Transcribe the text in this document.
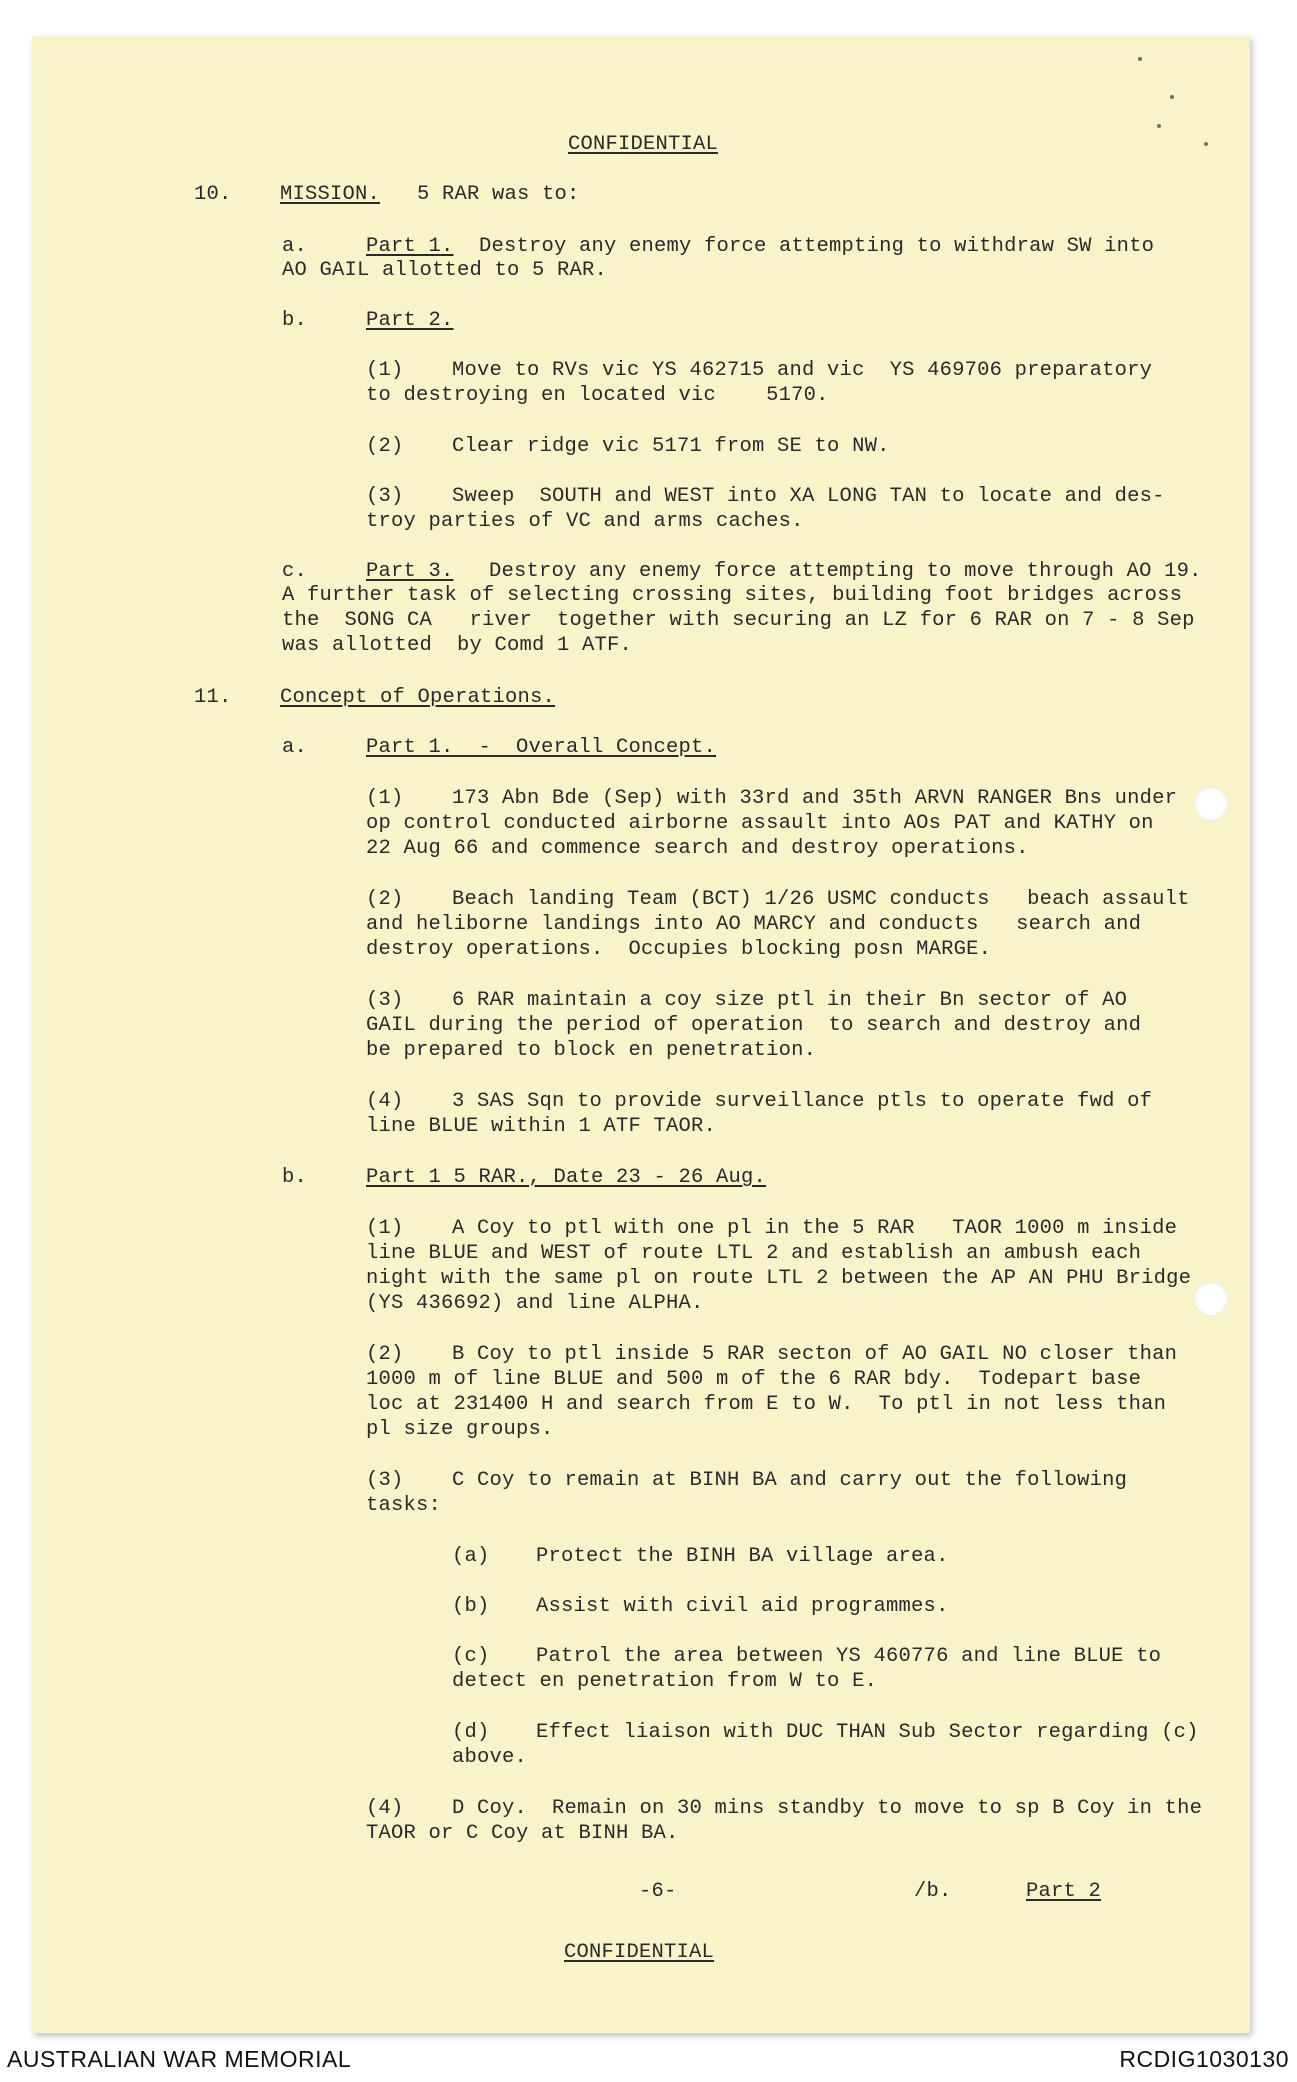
CONFIDENTIAL
10. MISSION. 5 RAR was to:
a.	Part 1. Destroy any enemy force attempting to withdraw SW into
AO GAIL allotted to 5 RAR.
b.	Part 2.
(1) Move to RVs vic YS 462715 and vic  YS 469706 preparatory
to destroying en located vic    5170.
(2) Clear ridge vic 5171 from SE to NW.
(3) Sweep  SOUTH and WEST into XA LONG TAN to locate and des-
troy parties of VC and arms caches.
c.	Part 3. Destroy any enemy force attempting to move through AO 19.
A further task of selecting crossing sites, building foot bridges across
the  SONG CA   river  together with securing an LZ for 6 RAR on 7 - 8 Sep
was allotted  by Comd 1 ATF.
11. Concept of Operations.
a.	Part 1.  -  Overall Concept.
(1) 173 Abn Bde (Sep) with 33rd and 35th ARVN RANGER Bns under
op control conducted airborne assault into AOs PAT and KATHY on
22 Aug 66 and commence search and destroy operations.
(2) Beach landing Team (BCT) 1/26 USMC conducts   beach assault
and heliborne landings into AO MARCY and conducts   search and
destroy operations.  Occupies blocking posn MARGE.
(3) 6 RAR maintain a coy size ptl in their Bn sector of AO
GAIL during the period of operation  to search and destroy and
be prepared to block en penetration.
(4) 3 SAS Sqn to provide surveillance ptls to operate fwd of
line BLUE within 1 ATF TAOR.
b.	Part 1 5 RAR., Date 23 - 26 Aug.
(1) A Coy to ptl with one pl in the 5 RAR   TAOR 1000 m inside
line BLUE and WEST of route LTL 2 and establish an ambush each
night with the same pl on route LTL 2 between the AP AN PHU Bridge
(YS 436692) and line ALPHA.
(2) B Coy to ptl inside 5 RAR secton of AO GAIL NO closer than
1000 m of line BLUE and 500 m of the 6 RAR bdy.  Todepart base
loc at 231400 H and search from E to W.  To ptl in not less than
pl size groups.
(3) C Coy to remain at BINH BA and carry out the following
tasks:
(a) Protect the BINH BA village area.
(b) Assist with civil aid programmes.
(c) Patrol the area between YS 460776 and line BLUE to
detect en penetration from W to E.
(d) Effect liaison with DUC THAN Sub Sector regarding (c)
above.
(4) D Coy.  Remain on 30 mins standby to move to sp B Coy in the
TAOR or C Coy at BINH BA.
-6-	/b.	Part 2
CONFIDENTIAL
AUSTRALIAN WAR MEMORIAL	RCDIG1030130
